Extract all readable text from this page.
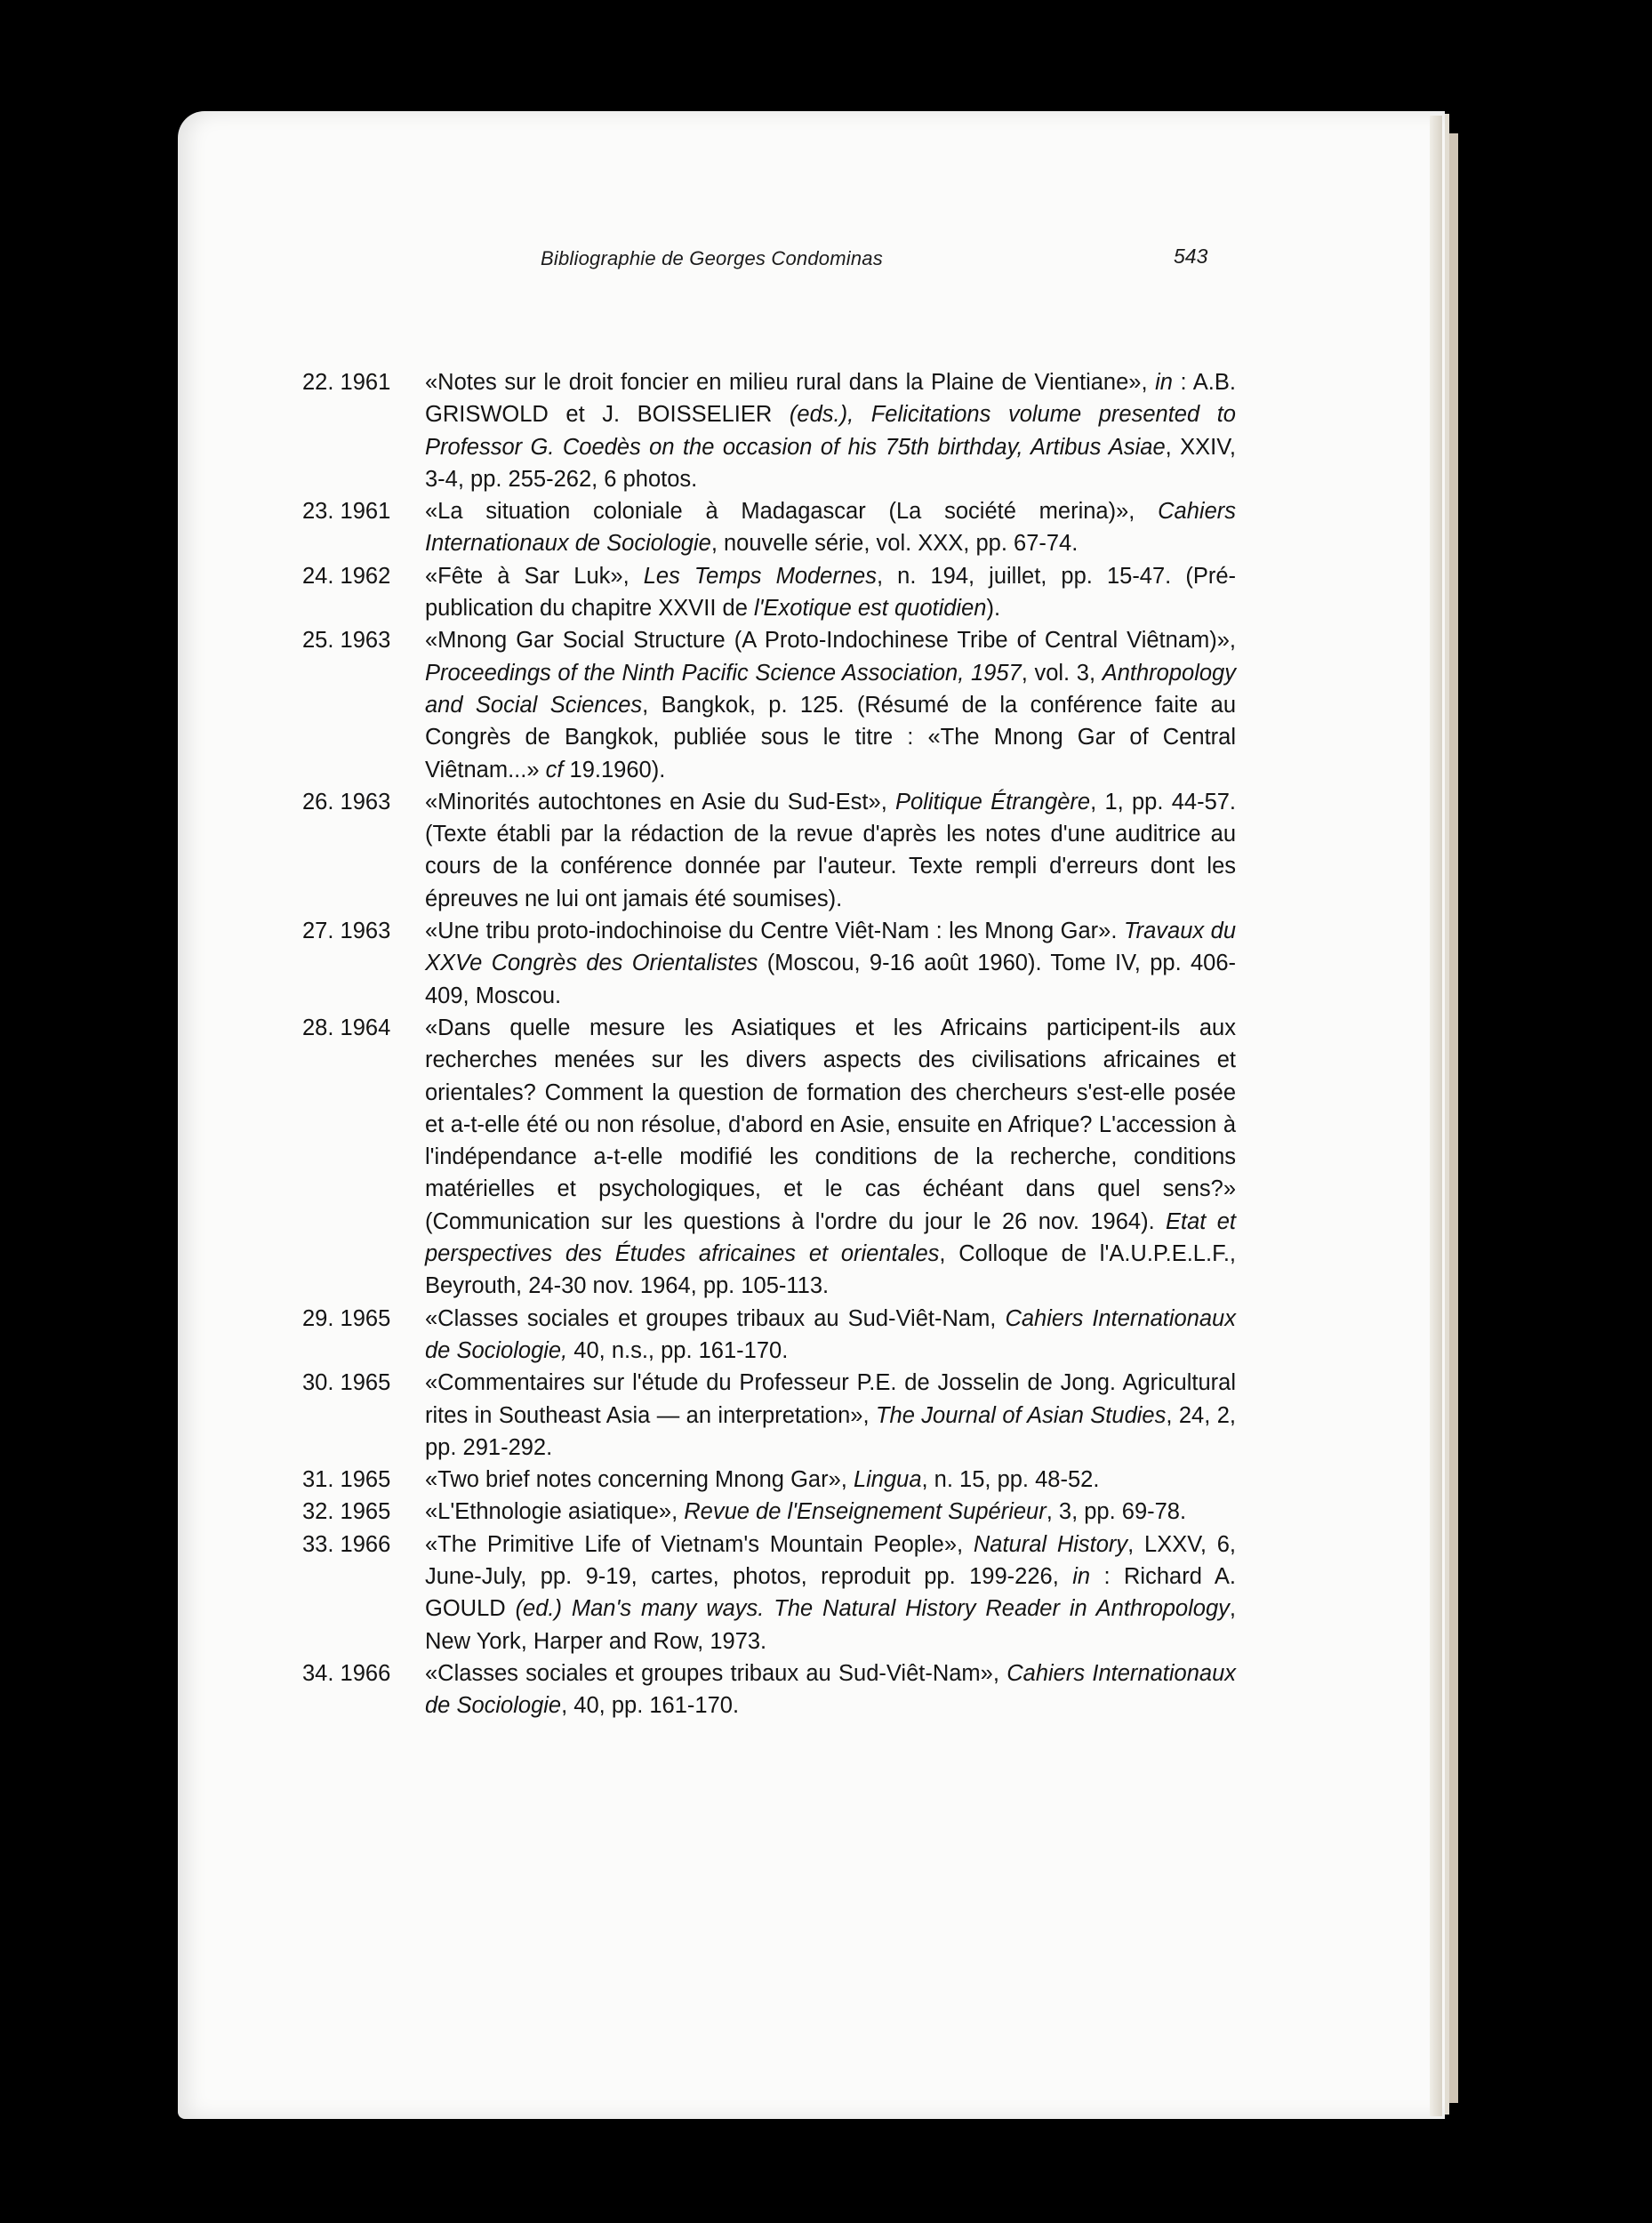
Bibliographie de Georges Condominas	543
22. 1961	«Notes sur le droit foncier en milieu rural dans la Plaine de Vientiane», in : A.B. GRISWOLD et J. BOISSELIER (eds.), Felicitations volume presented to Professor G. Coedès on the occasion of his 75th birthday, Artibus Asiae, XXIV, 3-4, pp. 255-262, 6 photos.
23. 1961	«La situation coloniale à Madagascar (La société merina)», Cahiers Internationaux de Sociologie, nouvelle série, vol. XXX, pp. 67-74.
24. 1962	«Fête à Sar Luk», Les Temps Modernes, n. 194, juillet, pp. 15-47. (Pré-publication du chapitre XXVII de l'Exotique est quotidien).
25. 1963	«Mnong Gar Social Structure (A Proto-Indochinese Tribe of Central Viêtnam)», Proceedings of the Ninth Pacific Science Association, 1957, vol. 3, Anthropology and Social Sciences, Bangkok, p. 125. (Résumé de la conférence faite au Congrès de Bangkok, publiée sous le titre : «The Mnong Gar of Central Viêtnam...» cf 19.1960).
26. 1963	«Minorités autochtones en Asie du Sud-Est», Politique Étrangère, 1, pp. 44-57. (Texte établi par la rédaction de la revue d'après les notes d'une auditrice au cours de la conférence donnée par l'auteur. Texte rempli d'erreurs dont les épreuves ne lui ont jamais été soumises).
27. 1963	«Une tribu proto-indochinoise du Centre Viêt-Nam : les Mnong Gar». Travaux du XXVe Congrès des Orientalistes (Moscou, 9-16 août 1960). Tome IV, pp. 406-409, Moscou.
28. 1964	«Dans quelle mesure les Asiatiques et les Africains participent-ils aux recherches menées sur les divers aspects des civilisations africaines et orientales? Comment la question de formation des chercheurs s'est-elle posée et a-t-elle été ou non résolue, d'abord en Asie, ensuite en Afrique? L'accession à l'indépendance a-t-elle modifié les conditions de la recherche, conditions matérielles et psychologiques, et le cas échéant dans quel sens?» (Communication sur les questions à l'ordre du jour le 26 nov. 1964). Etat et perspectives des Études africaines et orientales, Colloque de l'A.U.P.E.L.F., Beyrouth, 24-30 nov. 1964, pp. 105-113.
29. 1965	«Classes sociales et groupes tribaux au Sud-Viêt-Nam, Cahiers Internationaux de Sociologie, 40, n.s., pp. 161-170.
30. 1965	«Commentaires sur l'étude du Professeur P.E. de Josselin de Jong. Agricultural rites in Southeast Asia — an interpretation», The Journal of Asian Studies, 24, 2, pp. 291-292.
31. 1965	«Two brief notes concerning Mnong Gar», Lingua, n. 15, pp. 48-52.
32. 1965	«L'Ethnologie asiatique», Revue de l'Enseignement Supérieur, 3, pp. 69-78.
33. 1966	«The Primitive Life of Vietnam's Mountain People», Natural History, LXXV, 6, June-July, pp. 9-19, cartes, photos, reproduit pp. 199-226, in : Richard A. GOULD (ed.) Man's many ways. The Natural History Reader in Anthropology, New York, Harper and Row, 1973.
34. 1966	«Classes sociales et groupes tribaux au Sud-Viêt-Nam», Cahiers Internationaux de Sociologie, 40, pp. 161-170.
